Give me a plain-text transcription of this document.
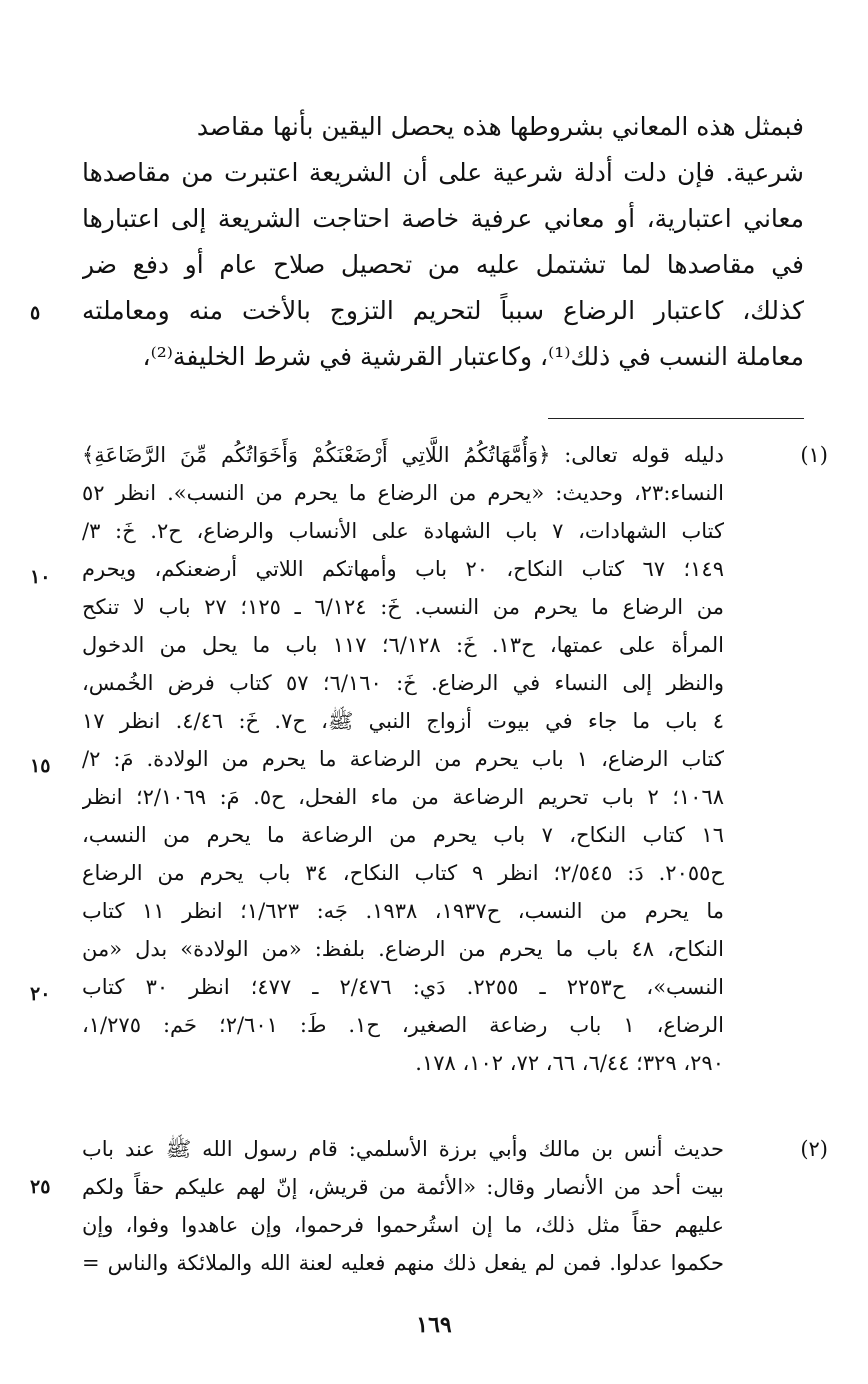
فبمثل هذه المعاني بشروطها هذه يحصل اليقين بأنها مقاصد
شرعية. فإن دلت أدلة شرعية على أن الشريعة اعتبرت من مقاصدها
معاني اعتبارية، أو معاني عرفية خاصة احتاجت الشريعة إلى اعتبارها
في مقاصدها لما تشتمل عليه من تحصيل صلاح عام أو دفع ضر
كذلك، كاعتبار الرضاع سبباً لتحريم التزوج بالأخت منه ومعاملته
معاملة النسب في ذلك⁽¹⁾، وكاعتبار القرشية في شرط الخليفة⁽²⁾،
٥
(١)
دليله قوله تعالى: ﴿وَأُمَّهَاتُكُمُ اللَّاتِي أَرْضَعْنَكُمْ وَأَخَوَاتُكُم مِّنَ الرَّضَاعَةِ﴾
النساء:٢٣، وحديث: «يحرم من الرضاع ما يحرم من النسب». انظر ٥٢
كتاب الشهادات، ٧ باب الشهادة على الأنساب والرضاع، ح٢. خَ: ٣/
١٤٩؛ ٦٧ كتاب النكاح، ٢٠ باب وأمهاتكم اللاتي أرضعنكم، ويحرم
من الرضاع ما يحرم من النسب. خَ: ٦/١٢٤ ـ ١٢٥؛ ٢٧ باب لا تنكح
المرأة على عمتها، ح١٣. خَ: ٦/١٢٨؛ ١١٧ باب ما يحل من الدخول
والنظر إلى النساء في الرضاع. خَ: ٦/١٦٠؛ ٥٧ كتاب فرض الخُمس،
٤ باب ما جاء في بيوت أزواج النبي ﷺ، ح٧. خَ: ٤/٤٦. انظر ١٧
كتاب الرضاع، ١ باب يحرم من الرضاعة ما يحرم من الولادة. مَ: ٢/
١٠٦٨؛ ٢ باب تحريم الرضاعة من ماء الفحل، ح٥. مَ: ٢/١٠٦٩؛ انظر
١٦ كتاب النكاح، ٧ باب يحرم من الرضاعة ما يحرم من النسب،
ح٢٠٥٥. دَ: ٢/٥٤٥؛ انظر ٩ كتاب النكاح، ٣٤ باب يحرم من الرضاع
ما يحرم من النسب، ح١٩٣٧، ١٩٣٨. جَه: ١/٦٢٣؛ انظر ١١ كتاب
النكاح، ٤٨ باب ما يحرم من الرضاع. بلفظ: «من الولادة» بدل «من
النسب»، ح٢٢٥٣ ـ ٢٢٥٥. دَي: ٢/٤٧٦ ـ ٤٧٧؛ انظر ٣٠ كتاب
الرضاع، ١ باب رضاعة الصغير، ح١. طَ: ٢/٦٠١؛ حَم: ١/٢٧٥،
٢٩٠، ٣٢٩؛ ٦/٤٤، ٦٦، ٧٢، ١٠٢، ١٧٨.
(٢)
حديث أنس بن مالك وأبي برزة الأسلمي: قام رسول الله ﷺ عند باب
بيت أحد من الأنصار وقال: «الأئمة من قريش، إنّ لهم عليكم حقاً ولكم
عليهم حقاً مثل ذلك، ما إن استُرحموا فرحموا، وإن عاهدوا وفوا، وإن
حكموا عدلوا. فمن لم يفعل ذلك منهم فعليه لعنة الله والملائكة والناس =
١٠
١٥
٢٠
٢٥
١٦٩
